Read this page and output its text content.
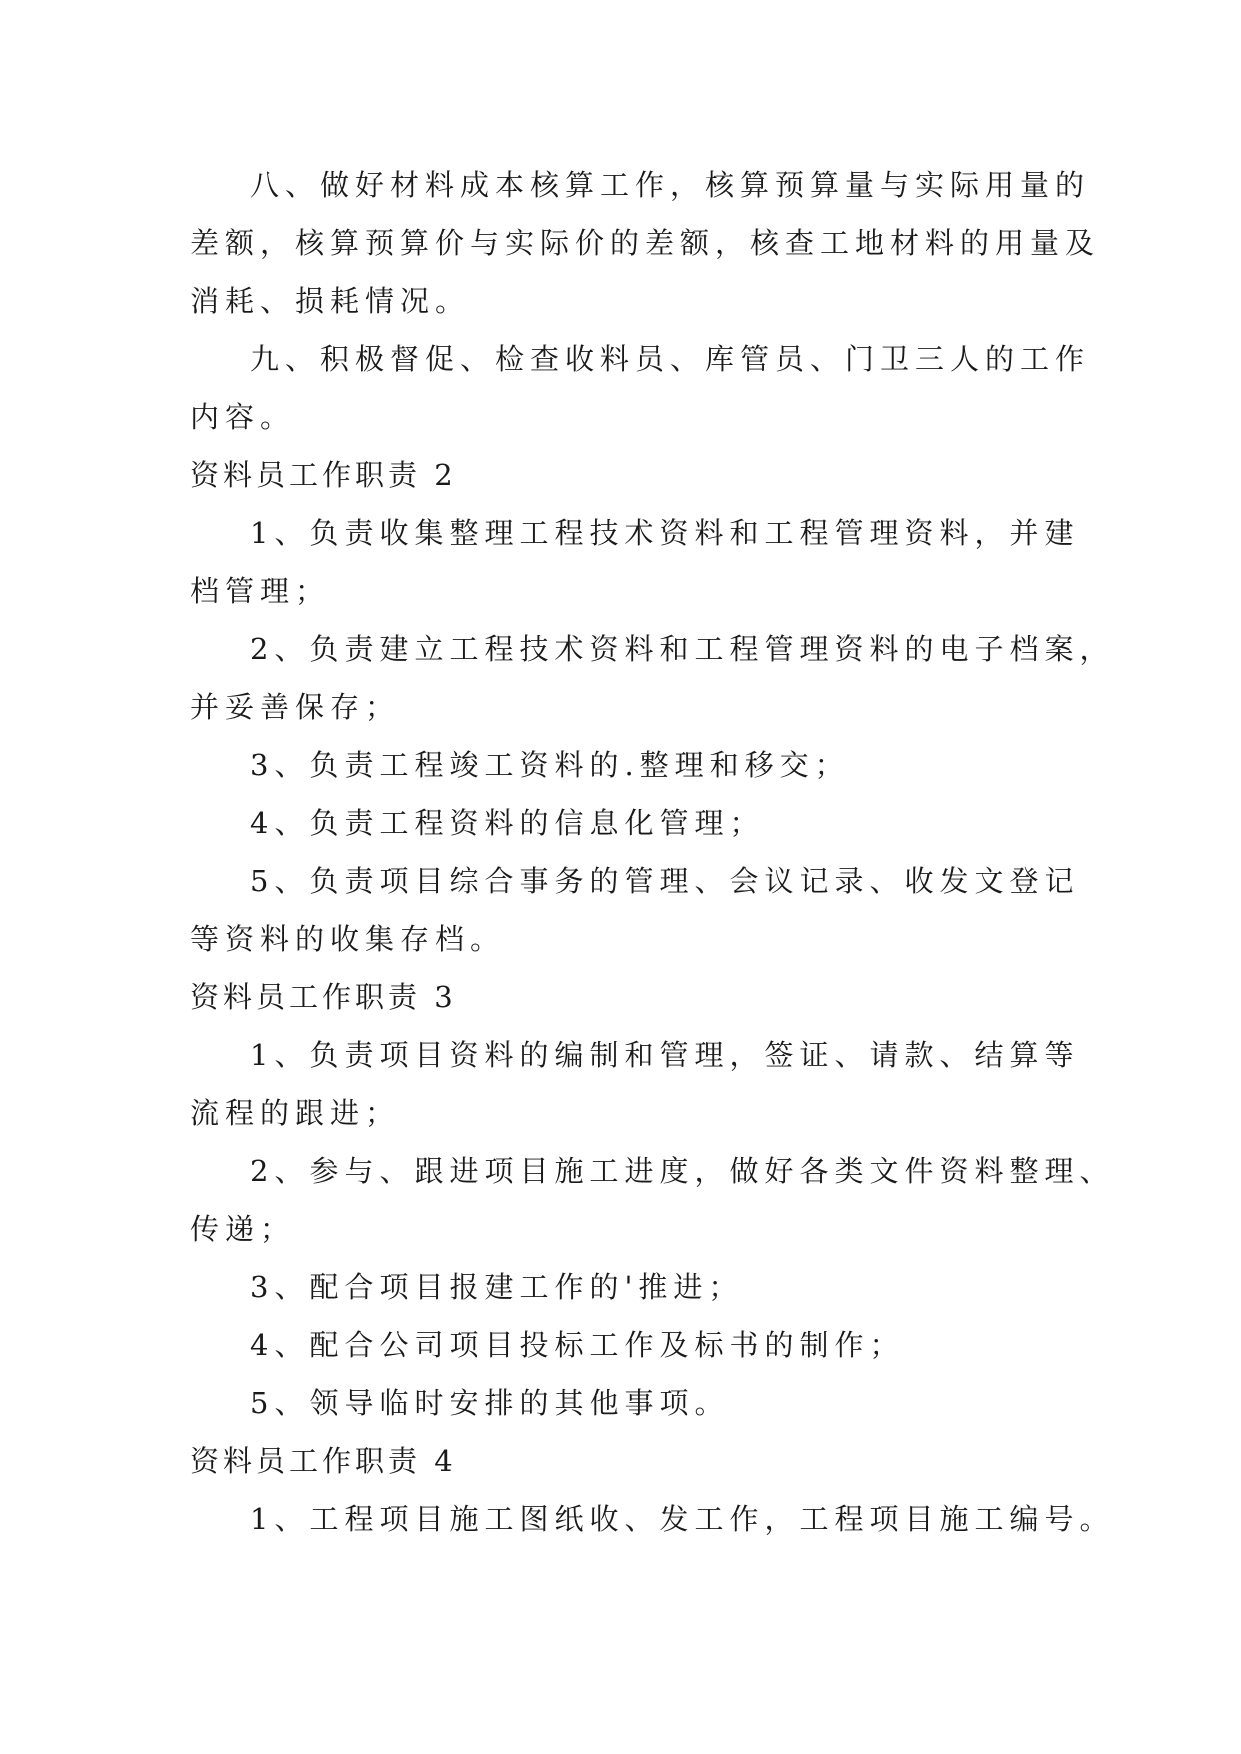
八、做好材料成本核算工作，核算预算量与实际用量的
差额，核算预算价与实际价的差额，核查工地材料的用量及
消耗、损耗情况。
九、积极督促、检查收料员、库管员、门卫三人的工作
内容。
资料员工作职责 2
1、负责收集整理工程技术资料和工程管理资料，并建
档管理；
2、负责建立工程技术资料和工程管理资料的电子档案，
并妥善保存；
3、负责工程竣工资料的.整理和移交；
4、负责工程资料的信息化管理；
5、负责项目综合事务的管理、会议记录、收发文登记
等资料的收集存档。
资料员工作职责 3
1、负责项目资料的编制和管理，签证、请款、结算等
流程的跟进；
2、参与、跟进项目施工进度，做好各类文件资料整理、
传递；
3、配合项目报建工作的'推进；
4、配合公司项目投标工作及标书的制作；
5、领导临时安排的其他事项。
资料员工作职责 4
1、工程项目施工图纸收、发工作，工程项目施工编号。
